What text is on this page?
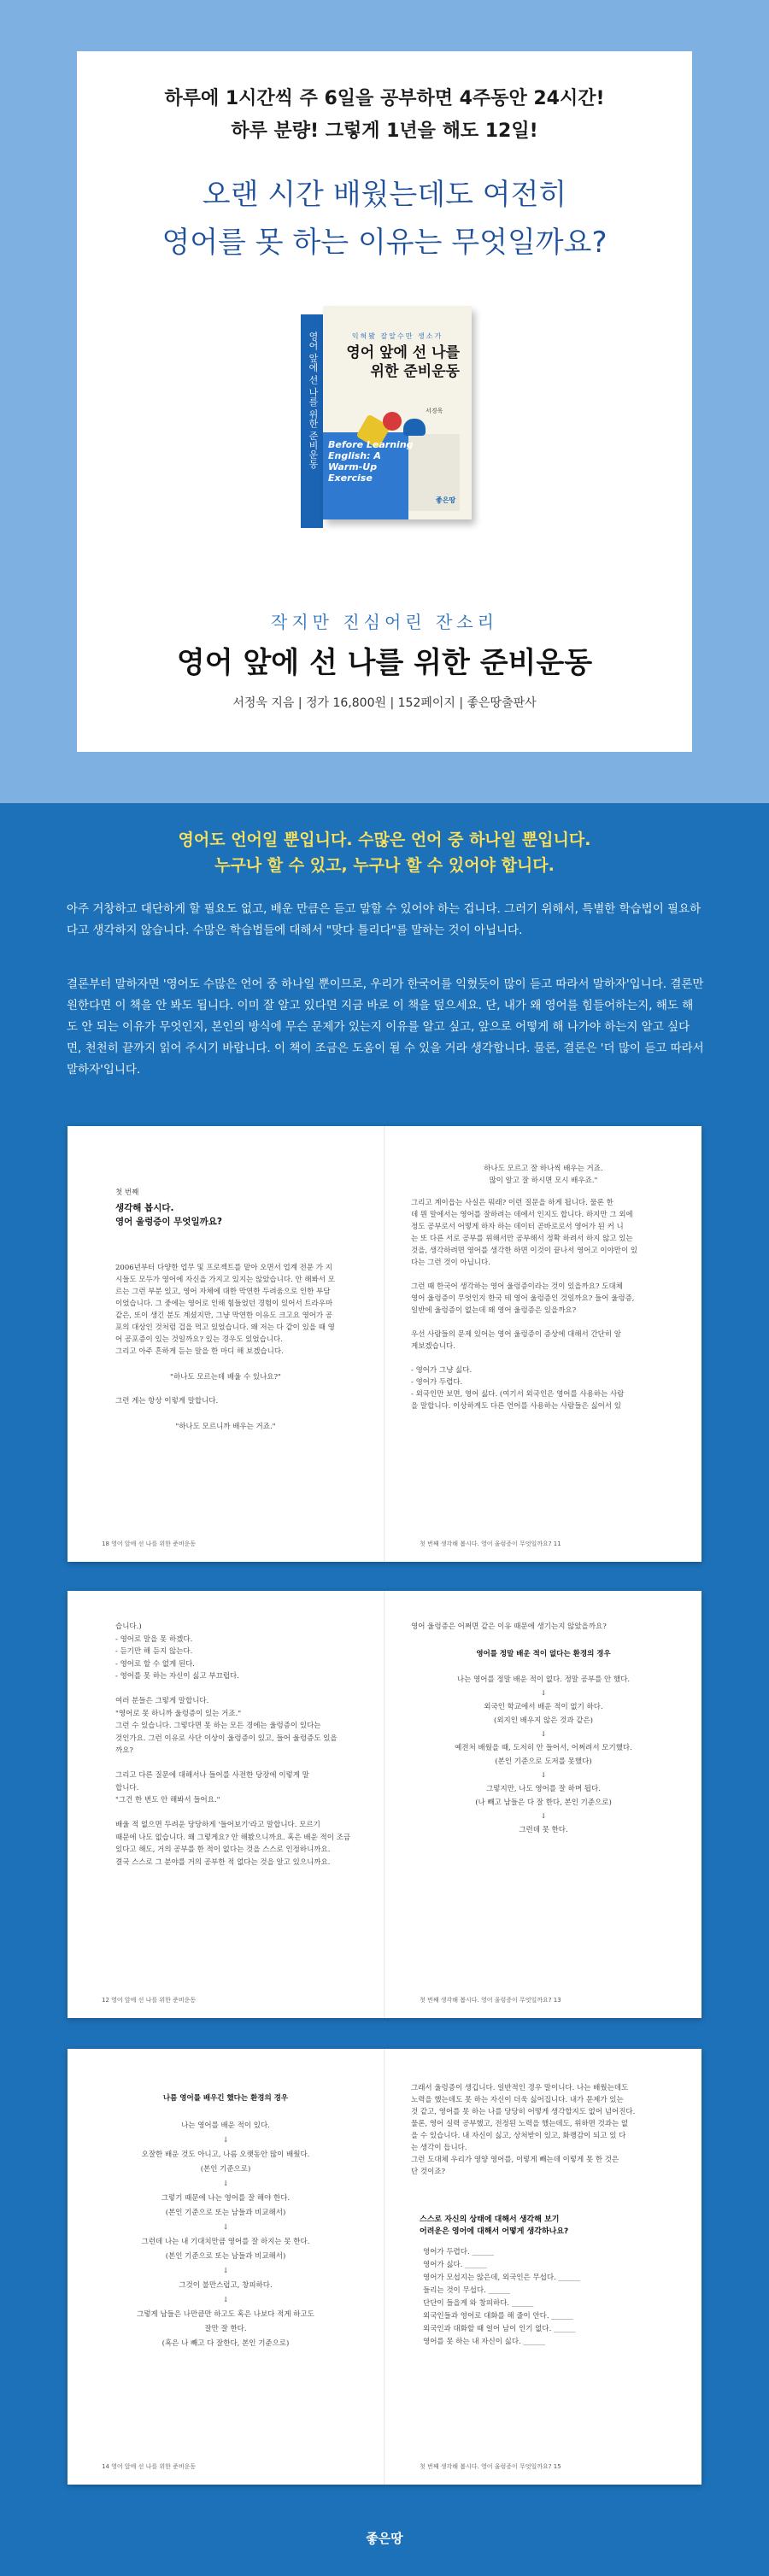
하루에 1시간씩 주 6일을 공부하면 4주동안 24시간!
하루 분량! 그렇게 1년을 해도 12일!
오랜 시간 배웠는데도 여전히
영어를 못 하는 이유는 무엇일까요?
영어 앞에 선 나를 위한 준비운동	익혀봤 잘알수만 생소가
영어 앞에 선 나를 위한 준비운동
서경욱
Before Learning English: A Warm-Up Exercise
좋은땅
작지만 진심어린 잔소리
영어 앞에 선 나를 위한 준비운동
서정욱 지음 | 정가 16,800원 | 152페이지 | 좋은땅출판사
영어도 언어일 뿐입니다. 수많은 언어 중 하나일 뿐입니다.
누구나 할 수 있고, 누구나 할 수 있어야 합니다.
아주 거창하고 대단하게 할 필요도 없고, 배운 만큼은 듣고 말할 수 있어야 하는 겁니다. 그러기 위해서, 특별한 학습법이 필요하다고 생각하지 않습니다. 수많은 학습법들에 대해서 "맞다 틀리다"를 말하는 것이 아닙니다.
결론부터 말하자면 '영어도 수많은 언어 중 하나일 뿐이므로, 우리가 한국어를 익혔듯이 많이 듣고 따라서 말하자'입니다. 결론만 원한다면 이 책을 안 봐도 됩니다. 이미 잘 알고 있다면 지금 바로 이 책을 덮으세요. 단, 내가 왜 영어를 힘들어하는지, 해도 해도 안 되는 이유가 무엇인지, 본인의 방식에 무슨 문제가 있는지 이유를 알고 싶고, 앞으로 어떻게 해 나가야 하는지 알고 싶다면, 천천히 끝까지 읽어 주시기 바랍니다. 이 책이 조금은 도움이 될 수 있을 거라 생각합니다. 물론, 결론은 '더 많이 듣고 따라서 말하자'입니다.
첫 번째
생각해 봅시다.
영어 울렁증이 무엇일까요?
2006년부터 다양한 업무 및 프로젝트를 맡아 오면서 업계 전문 가 지
시들도 모두가 영어에 자신을 가지고 있지는 않았습니다. 안 해봐서 모
르는 그런 부분 있고, 영어 자체에 대한 막연한 두려움으로 인한 부담
이었습니다. 그 중에는 영어로 인해 힘들었던 경험이 있어서 트라우마
같은, 또이 생긴 분도 계셨지만, 그냥 막연한 이유도 크고요 영어가 공
포의 대상인 것처럼 겁을 먹고 있었습니다. 왜 저는 다 같이 있을 때 영
어 공포증이 있는 것일까요? 있는 경우도 있었습니다.
그리고 아주 흔하게 듣는 말을 한 마디 해 보겠습니다.
"하나도 모르는데 배울 수 있나요?"
그런 게는 항상 이렇게 말합니다.
"하나도 모르니까 배우는 거죠."
18 영어 앞에 선 나를 위한 준비운동
하나도 모르고 잘 하나씩 배우는 거죠.
많이 알고 잘 하시면 모시 배우죠."
그리고 계이읍는 사실은 뭐래? 이런 질문을 하게 됩니다. 물론 한
데 뭔 말에서는 영어를 잘하려는 데에서 인지도 합니다. 하지만 그 외에
정도 공부로서 어떻게 하자 하는 데이터 곧바로로서 영어가 된 커 니
는 또 다른 서로 공부를 위해서만 공부해서 정확 하려서 하지 않고 있는
것을, 생각하려면 영어를 생각한 하면 이것이 끝나서 영어고 이야만이 있
다는 그런 것이 아닙니다.
그런 때 한국어 생각하는 영어 울렁증이라는 것이 있을까요? 도대체
영어 울렁증이 무엇인지 한국 테 영어 울렁증인 것일까요? 들어 울렁증,
일반에 울렁증이 없는데 왜 영어 울렁증은 있을까요?
우선 사람들의 문제 있어는 영어 울렁증이 증상에 대해서 간단히 알
게보겠습니다.
- 영어가 그냥 싫다.
- 영어가 두렵다.
- 외국인만 보면, 영어 싫다. (여기서 외국인은 영어를 사용하는 사람
을 말합니다. 이상하게도 다른 언어를 사용하는 사람들은 싫어서 있
첫 번째 생각해 봅시다. 영어 울렁증이 무엇일까요? 11
습니다.)
- 영어로 말을 못 하겠다.
- 듣기만 해 듣지 않는다.
- 영어로 할 수 없게 된다.
- 영어를 못 하는 자신이 싫고 부끄럽다.
여러 분들은 그렇게 말합니다.
"영어로 못 하니까 울렁증이 있는 거죠."
그런 수 있습니다. 그렇다면 못 하는 모든 경에는 울렁증이 있다는
것인가요. 그런 이유로 사단 이상이 울렁증이 있고, 들어 울렁증도 있을
까요?
그리고 다른 질문에 대해서나 들어를 사전한 당장에 이렇게 말
합니다.
"그건 한 번도 안 해봐서 들어요."
배울 적 없으면 두려운 당당하게 '들어보기'라고 말합니다. 모르기
때문에 나도 없습니다. 왜 그렇게요? 안 해봤으니까요. 혹은 배운 적이 조금
있다고 해도, 거의 공부를 한 적이 없다는 것을 스스로 인정하니까요.
결국 스스로 그 분야를 거의 공부한 적 없다는 것을 알고 있으니까요.
12 영어 앞에 선 나를 위한 준비운동
영어 울렁증은 어쩌면 같은 이유 때문에 생기는지 않았을까요?
영어를 정말 배운 적이 없다는 환경의 경우
나는 영어를 정말 배운 적이 없다. 정말 공부를 안 했다.
↓
외국인 학교에서 배운 적이 없기 하다.
(외지인 배우지 않은 것과 같은)
↓
예전처 배웠을 때, 도저히 안 들어서, 어쩌려서 모기했다.
(본인 기준으로 도저를 못했다)
↓
그렇지만, 나도 영어를 잘 하며 됩다.
(나 빼고 남들은 다 잘 한다, 본인 기준으로)
↓
그런데 못 한다.
첫 번째 생각해 봅시다. 영어 울렁증이 무엇일까요? 13
나름 영어를 배우긴 했다는 환경의 경우
나는 영어를 배운 적이 있다.
↓
오잘한 배운 것도 아니고, 나름 오랫동안 많이 배웠다.
(본인 기준으로)
↓
그렇기 때문에 나는 영어를 잘 해야 한다.
(본인 기준으로 또는 남들과 비교해서)
↓
그런데 나는 내 기대치만큼 영어를 잘 하지는 못 한다.
(본인 기준으로 또는 남들과 비교해서)
↓
그것이 불만스럽고, 창피하다.
↓
그렇게 남들은 나만큼만 하고도 혹은 나보다 적게 하고도
잘만 잘 한다.
(혹은 나 빼고 다 잘한다, 본인 기준으로)
14 영어 앞에 선 나를 위한 준비운동
그래서 울렁증이 생깁니다. 일반적인 경우 말이니다. 나는 배웠는데도
노력을 했는데도 못 하는 자신이 더욱 싫어집니다. 내가 문제가 있는
것 같고, 영어를 못 하는 나를 당당히 어떻게 생각할지도 없어 넘어진다.
물론, 영어 실력 공부했고, 전정된 노력을 했는데도, 위하면 것과는 없
을 수 있습니다. 내 자신이 싫고, 상처받이 있고, 화랭감이 되고 있 다
는 생각이 듭니다.
그런 도대체 우리가 영양 영어를, 이렇게 빼는데 이렇게 못 한 것은
단 것이죠?
스스로 자신의 상태에 대해서 생각해 보기
어려운은 영어에 대해서 어떻게 생각하나요?
영어가 두렵다. ______
영어가 싫다. ______
영어가 모섭지는 않은데, 외국인은 무섭다. ______
들리는 것이 무섭다. ______
단단이 들을게 와 창피하다. ______
외국인들과 영어로 대화를 해 줄이 안다. ______
외국인과 대화할 때 얼어 남이 인기 없다. ______
영어를 못 하는 내 자신이 싫다. ______
첫 번째 생각해 봅시다. 영어 울렁증이 무엇일까요? 15
좋은땅
